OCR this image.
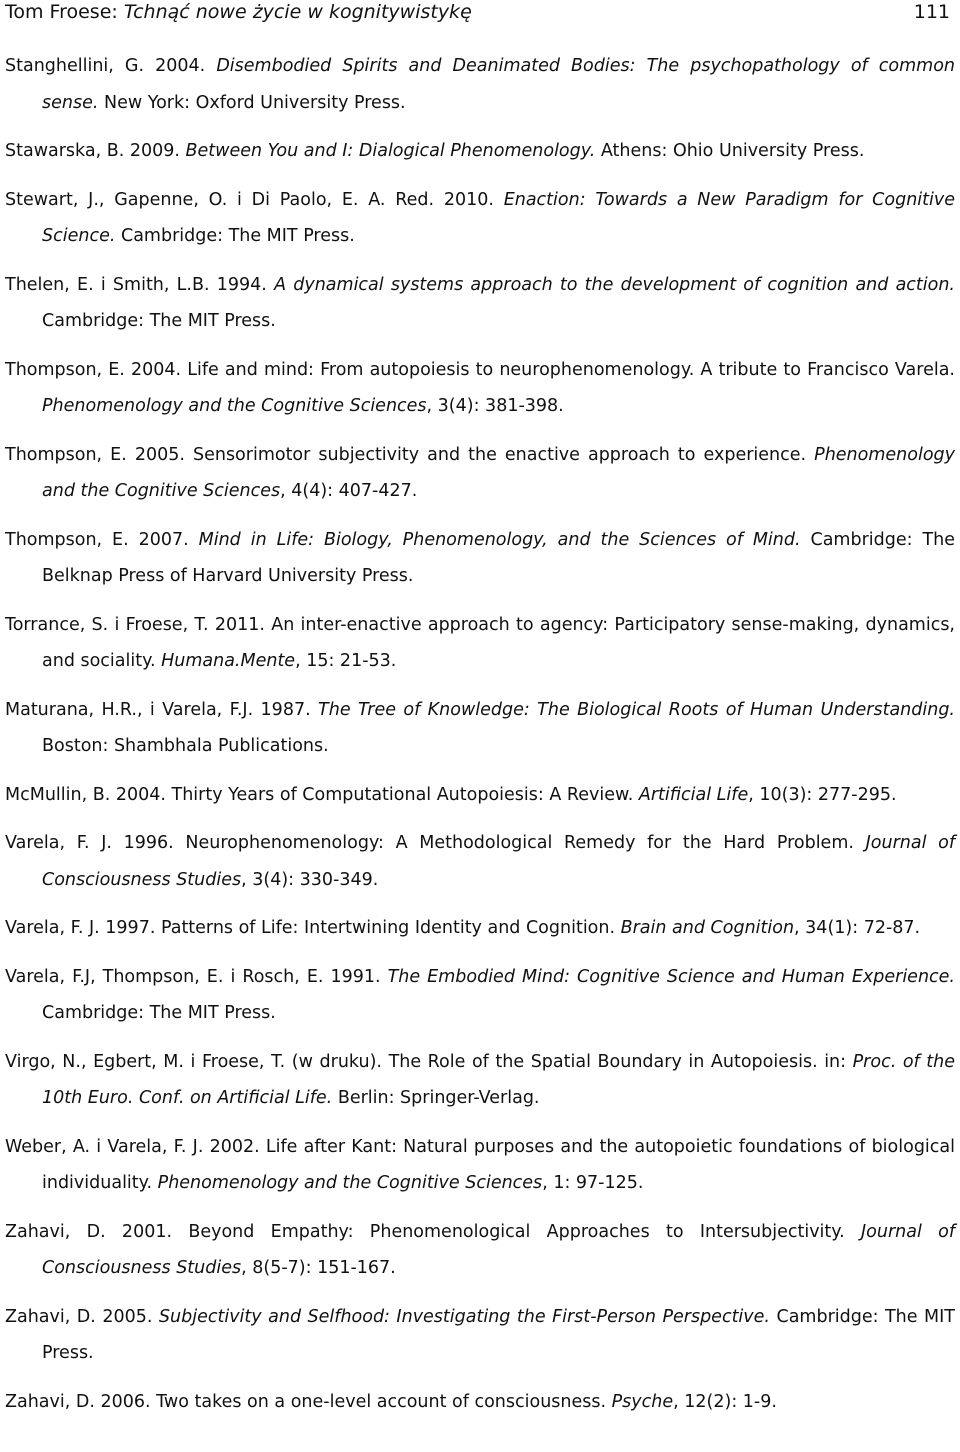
Tom Froese: Tchnąć nowe życie w kognitywistykę	111

Stanghellini, G. 2004. Disembodied Spirits and Deanimated Bodies: The psychopathology of common sense. New York: Oxford University Press.

Stawarska, B. 2009. Between You and I: Dialogical Phenomenology. Athens: Ohio University Press.

Stewart, J., Gapenne, O. i Di Paolo, E. A. Red. 2010. Enaction: Towards a New Paradigm for Cognitive Science. Cambridge: The MIT Press.

Thelen, E. i Smith, L.B. 1994. A dynamical systems approach to the development of cognition and action. Cambridge: The MIT Press.

Thompson, E. 2004. Life and mind: From autopoiesis to neurophenomenology. A tribute to Francisco Varela. Phenomenology and the Cognitive Sciences, 3(4): 381-398.

Thompson, E. 2005. Sensorimotor subjectivity and the enactive approach to experience. Phenomenology and the Cognitive Sciences, 4(4): 407-427.

Thompson, E. 2007. Mind in Life: Biology, Phenomenology, and the Sciences of Mind. Cambridge: The Belknap Press of Harvard University Press.

Torrance, S. i Froese, T. 2011. An inter-enactive approach to agency: Participatory sense-making, dynamics, and sociality. Humana.Mente, 15: 21-53.

Maturana, H.R., i Varela, F.J. 1987. The Tree of Knowledge: The Biological Roots of Human Understanding. Boston: Shambhala Publications.

McMullin, B. 2004. Thirty Years of Computational Autopoiesis: A Review. Artificial Life, 10(3): 277-295.

Varela, F. J. 1996. Neurophenomenology: A Methodological Remedy for the Hard Problem. Journal of Consciousness Studies, 3(4): 330-349.

Varela, F. J. 1997. Patterns of Life: Intertwining Identity and Cognition. Brain and Cognition, 34(1): 72-87.

Varela, F.J, Thompson, E. i Rosch, E. 1991. The Embodied Mind: Cognitive Science and Human Experience. Cambridge: The MIT Press.

Virgo, N., Egbert, M. i Froese, T. (w druku). The Role of the Spatial Boundary in Autopoiesis. in: Proc. of the 10th Euro. Conf. on Artificial Life. Berlin: Springer-Verlag.

Weber, A. i Varela, F. J. 2002. Life after Kant: Natural purposes and the autopoietic foundations of biological individuality. Phenomenology and the Cognitive Sciences, 1: 97-125.

Zahavi, D. 2001. Beyond Empathy: Phenomenological Approaches to Intersubjectivity. Journal of Consciousness Studies, 8(5-7): 151-167.

Zahavi, D. 2005. Subjectivity and Selfhood: Investigating the First-Person Perspective. Cambridge: The MIT Press.

Zahavi, D. 2006. Two takes on a one-level account of consciousness. Psyche, 12(2): 1-9.
